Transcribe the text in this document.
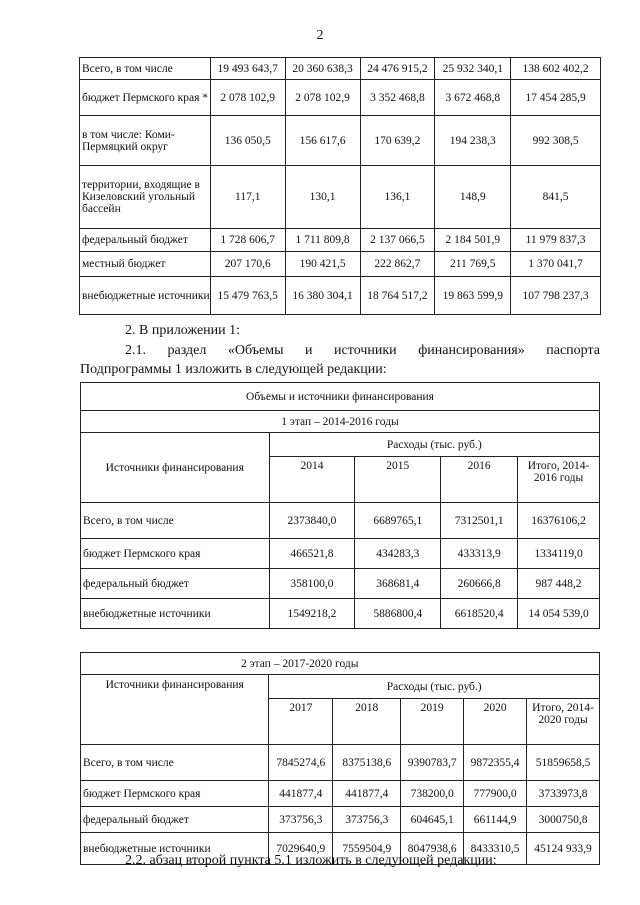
2
Всего, в том числе	19 493 643,7	20 360 638,3	24 476 915,2	25 932 340,1	138 602 402,2
бюджет Пермского края *	2 078 102,9	2 078 102,9	3 352 468,8	3 672 468,8	17 454 285,9
в том числе: Коми-Пермяцкий округ	136 050,5	156 617,6	170 639,2	194 238,3	992 308,5
территории, входящие в Кизеловский угольный бассейн	117,1	130,1	136,1	148,9	841,5
федеральный бюджет	1 728 606,7	1 711 809,8	2 137 066,5	2 184 501,9	11 979 837,3
местный бюджет	207 170,6	190 421,5	222 862,7	211 769,5	1 370 041,7
внебюджетные источники	15 479 763,5	16 380 304,1	18 764 517,2	19 863 599,9	107 798 237,3
2. В приложении 1:
2.1. раздел «Объемы и источники финансирования» паспорта
Подпрограммы 1 изложить в следующей редакции:
Объемы и источники финансирования				
1 этап – 2014-2016 годы				
Источники финансирования	Расходы (тыс. руб.)			
	2014	2015	2016	Итого, 2014-2016 годы
Всего, в том числе	2373840,0	6689765,1	7312501,1	16376106,2
бюджет Пермского края	466521,8	434283,3	433313,9	1334119,0
федеральный бюджет	358100,0	368681,4	260666,8	987 448,2
внебюджетные источники	1549218,2	5886800,4	6618520,4	14 054 539,0
2 этап – 2017-2020 годы					
Источники финансирования	Расходы (тыс. руб.)				
	2017	2018	2019	2020	Итого, 2014-2020 годы
Всего, в том числе	7845274,6	8375138,6	9390783,7	9872355,4	51859658,5
бюджет Пермского края	441877,4	441877,4	738200,0	777900,0	3733973,8
федеральный бюджет	373756,3	373756,3	604645,1	661144,9	3000750,8
внебюджетные источники	7029640,9	7559504,9	8047938,6	8433310,5	45124 933,9
2.2. абзац второй пункта 5.1 изложить в следующей редакции:
